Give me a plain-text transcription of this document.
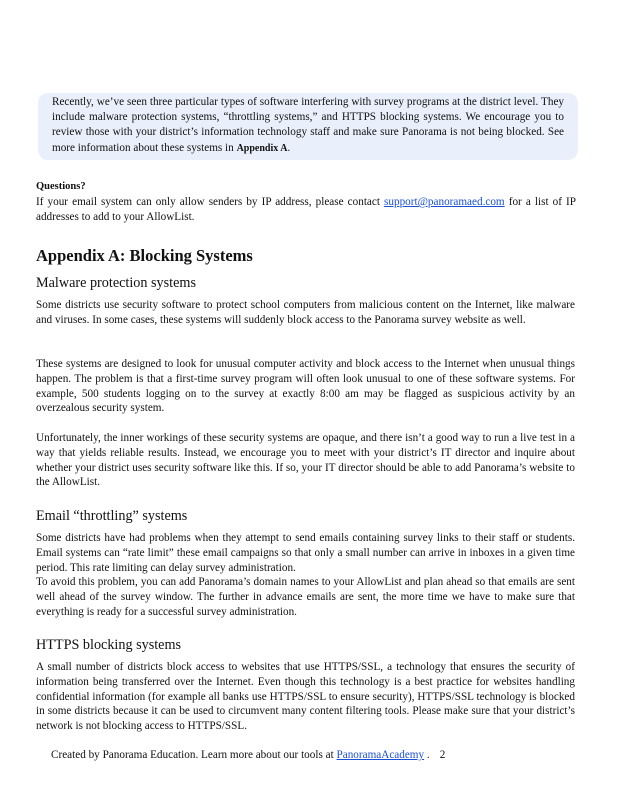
Recently, we’ve seen three particular types of software interfering with survey programs at the district level. They include malware protection systems, “throttling systems,” and HTTPS blocking systems. We encourage you to review those with your district’s information technology staff and make sure Panorama is not being blocked. See more information about these systems in Appendix A.

Questions?

If your email system can only allow senders by IP address, please contact support@panoramaed.com for a list of IP addresses to add to your AllowList.

Appendix A: Blocking Systems
Malware protection systems

Some districts use security software to protect school computers from malicious content on the Internet, like malware and viruses. In some cases, these systems will suddenly block access to the Panorama survey website as well.

These systems are designed to look for unusual computer activity and block access to the Internet when unusual things happen. The problem is that a first-time survey program will often look unusual to one of these software systems. For example, 500 students logging on to the survey at exactly 8:00 am may be flagged as suspicious activity by an overzealous security system.

Unfortunately, the inner workings of these security systems are opaque, and there isn’t a good way to run a live test in a way that yields reliable results. Instead, we encourage you to meet with your district’s IT director and inquire about whether your district uses security software like this. If so, your IT director should be able to add Panorama’s website to the AllowList.

Email “throttling” systems

Some districts have had problems when they attempt to send emails containing survey links to their staff or students. Email systems can “rate limit” these email campaigns so that only a small number can arrive in inboxes in a given time period. This rate limiting can delay survey administration.

To avoid this problem, you can add Panorama’s domain names to your AllowList and plan ahead so that emails are sent well ahead of the survey window. The further in advance emails are sent, the more time we have to make sure that everything is ready for a successful survey administration.

HTTPS blocking systems

A small number of districts block access to websites that use HTTPS/SSL, a technology that ensures the security of information being transferred over the Internet. Even though this technology is a best practice for websites handling confidential information (for example all banks use HTTPS/SSL to ensure security), HTTPS/SSL technology is blocked in some districts because it can be used to circumvent many content filtering tools. Please make sure that your district’s network is not blocking access to HTTPS/SSL.

Created by Panorama Education. Learn more about our tools at PanoramaAcademy . 2
